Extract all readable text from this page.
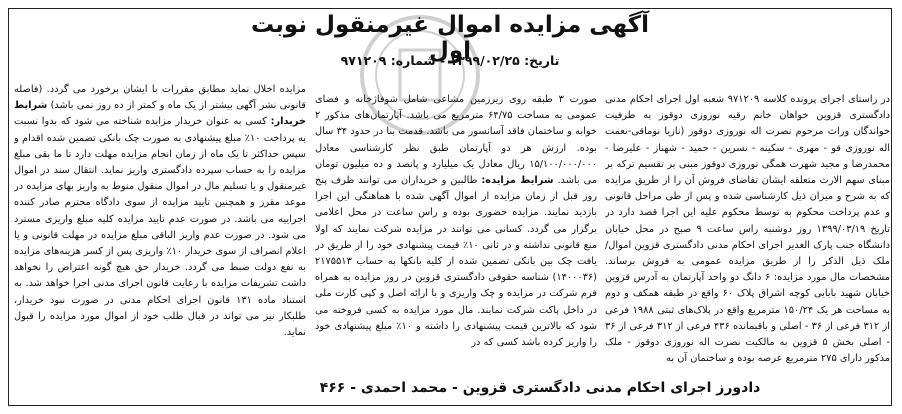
آگهی مزایده اموال غیرمنقول نوبت اول
تاریخ: ۱۳۹۹/۰۲/۲۵ - شماره: ۹۷۱۲۰۹

در راستای اجرای پرونده کلاسه ۹۷۱۲۰۹ شعبه اول اجرای احکام مدنی دادگستری قزوین خواهان خانم رقیه نوروزی دوقوز به طرفیت خواندگان وراث مرحوم نصرت اله نوروزی دوقوز (نازیا نوماقی-نعمت اله نوروزی قو - مهری - سکینه - نسرین - حمید - شهناز - علیرضا - محمدرضا و مجید شهرت همگی نوروزی دوقوز مبنی بر تقسیم ترکه بر مبنای سهم الارث متعلقه ایشان تقاضای فروش آن را از طریق مزایده که به شرح و میزان ذیل کارشناسی شده و پس از طی مراحل قانونی و عدم پرداخت محکوم به توسط محکوم علیه این اجرا قصد دارد در تاریخ ۱۳۹۹/۰۳/۱۹ روز دوشنبه راس ساعت ۹ صبح در محل خیابان دانشگاه جنب پارک الغدیر اجرای احکام مدنی دادگستری قزوین اموال/ملک ذیل الذکر را از طریق مزایده عمومی به فروش برساند. مشخصات مال مورد مزایده: ۶ دانگ دو واحد آپارتمان به آدرس قزوین خیابان شهید بابایی کوچه اشراق پلاک ۶۰ واقع در طبقه همکف و دوم به مساحت هر یک ۱۵۰/۲۴ مترمربع واقع در پلاک‌های ثبتی ۱۹۸۸ فرعی از ۳۱۲ فرعی از ۳۶ - اصلی و باقیمانده ۴۳۶ فرعی از ۳۱۲ فرعی از ۳۶ - اصلی بخش ۵ قزوین به مالکیت نصرت اله نوروزی دوقوز - ملک مذکور دارای ۲۷۵ مترمربع عرصه بوده و ساختمان آن به

صورت ۳ طبقه روی زیرزمین مشاعی شامل شوفاژخانه و فضای عمومی به مساحت ۶۴/۷۵ مترمربع می باشد. آپارتمان‌های مذکور ۲ خوابه و ساختمان فاقد آسانسور می باشد. قدمت بنا در حدود ۳۴ سال بوده. ارزش هر دو آپارتمان طبق نظر کارشناسی معادل ۱۵/۱۰۰/۰۰۰/۰۰۰ ریال معادل یک میلیارد و پانصد و ده میلیون تومان می باشد. شرایط مزایده: طالبین و خریداران می توانند ظرف پنج روز قبل از زمان مزایده از اموال آگهی شده با هماهنگی این اجرا بازدید نمایند. مزایده حضوری بوده و راس ساعت در محل اعلامی برگزار می گردد. کسانی می توانند در مزایده شرکت نمایند که اولا منع قانونی نداشته و در ثانی ۱۰٪ قیمت پیشنهادی خود را از طریق در یافت چک بین بانکی تضمین شده از کلیه بانکها به حساب ۲۱۷۵۵۱۳ (۱۴۰۰۰۳۶) شناسه حقوقی دادگستری قزوین در روز مزایده به همراه فرم شرکت در مزایده و چک واریزی و با ارائه اصل و کپی کارت ملی در داخل پاکت شرکت نمایند. مال مورد مزایده به کسی فروخته می شود که بالاترین قیمت پیشنهادی را داشته و ۱۰٪ مبلغ پیشنهادی خود را واریز کرده باشد کسی که در

مزایده اخلال نماید مطابق مقررات با ایشان برخورد می گردد. (فاصله قانونی نشر آگهی بیشتر از یک ماه و کمتر از ده روز نمی باشد) شرایط خریدار: کسی به عنوان خریدار مزایده شناخته می شود که بدوا نسبت به پرداخت ۱۰٪ مبلغ پیشنهادی به صورت چک بانکی تضمین شده اقدام و سپس حداکثر تا یک ماه از زمان انجام مزایده مهلت دارد تا ما بقی مبلغ مزایده را به حساب سپرده دادگستری واریز نماید. انتقال سند در اموال غیرمنقول و یا تسلیم مال در اموال منقول منوط به واریز بهای مزایده در موعد مقرر و همچنین تایید مزایده از سوی دادگاه محترم صادر کننده اجراییه می باشد. در صورت عدم تایید مزایده کلیه مبلغ واریزی مسترد می شود. در صورت عدم واریز الباقی مبلغ مزایده در مهلت قانونی و یا اعلام انصراف از سوی خریدار ۱۰٪ واریزی پس از کسر هزینه‌های مزایده به نفع دولت ضبط می گردد. خریدار حق هیچ گونه اعتراض را نخواهد داشت تشریفات مزایده با رعایت قانون اجرای مدنی اجرا خواهد شد. به استناد ماده ۱۳۱ قانون اجرای احکام مدنی در صورت نبود خریدار، طلبکار نیز می تواند در قبال طلب خود از اموال مورد مزایده را قبول نماید.

دادورز اجرای احکام مدنی دادگستری قزوین - محمد احمدی - ۴۶۶
